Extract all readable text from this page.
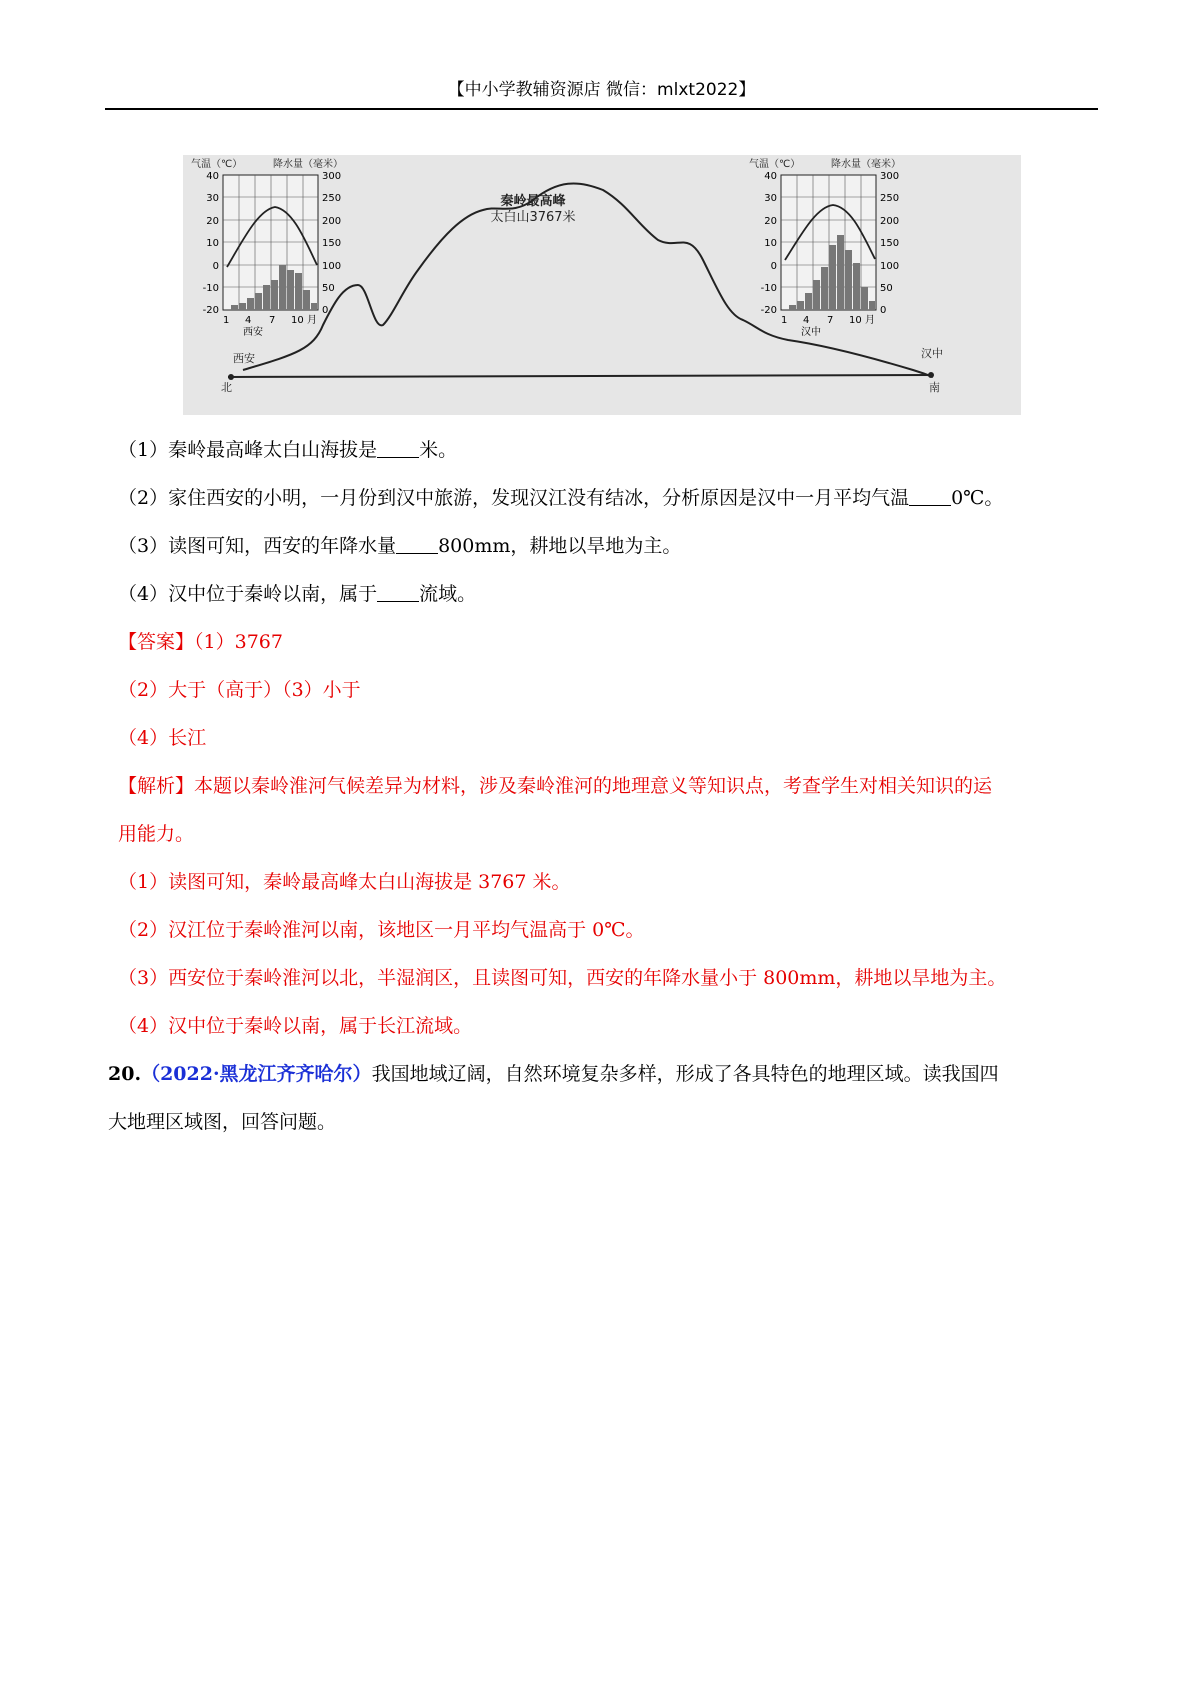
【中小学教辅资源店 微信：mlxt2022】
秦岭最高峰
太白山3767米
西安
北
汉中
南
气温（℃）	降水量（毫米）
40
30
20
10
0
-10
-20
300
250
200
150
100
50
0
1 4 7 10 月
西安
气温（℃）	降水量（毫米）
40
30
20
10
0
-10
-20
300
250
200
150
100
50
0
1 4 7 10 月
汉中
（1）秦岭最高峰太白山海拔是 米。
（2）家住西安的小明，一月份到汉中旅游，发现汉江没有结冰，分析原因是汉中一月平均气温 0℃。
（3）读图可知，西安的年降水量 800mm，耕地以旱地为主。
（4）汉中位于秦岭以南，属于 流域。
【答案】（1）3767
（2）大于（高于）（3）小于
（4）长江
【解析】本题以秦岭淮河气候差异为材料，涉及秦岭淮河的地理意义等知识点，考查学生对相关知识的运
用能力。
（1）读图可知，秦岭最高峰太白山海拔是 3767 米。
（2）汉江位于秦岭淮河以南，该地区一月平均气温高于 0℃。
（3）西安位于秦岭淮河以北，半湿润区，且读图可知，西安的年降水量小于 800mm，耕地以旱地为主。
（4）汉中位于秦岭以南，属于长江流域。
20.（2022·黑龙江齐齐哈尔）我国地域辽阔，自然环境复杂多样，形成了各具特色的地理区域。读我国四
大地理区域图，回答问题。
